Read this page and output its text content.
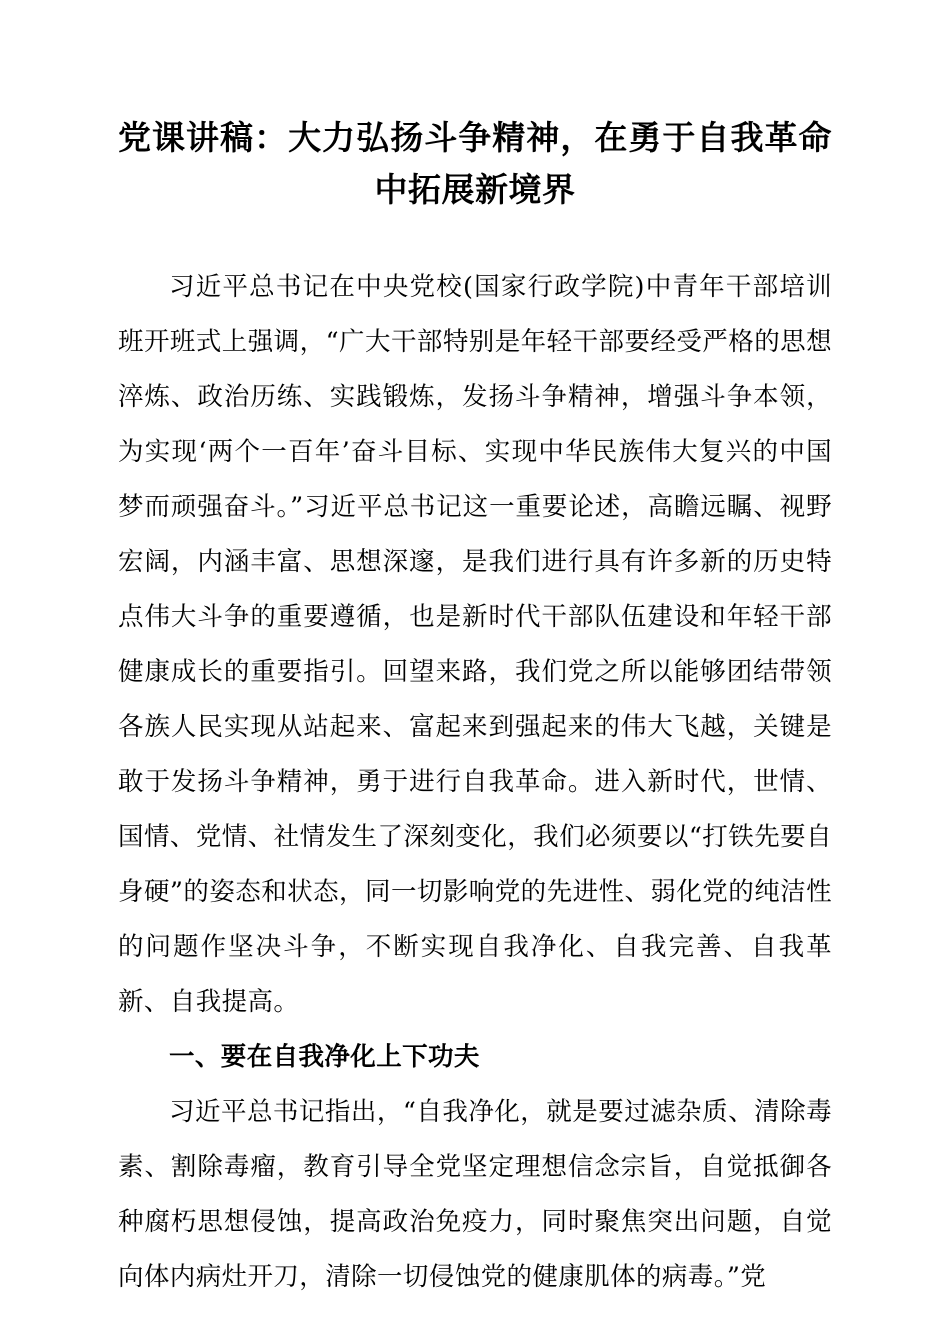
党课讲稿：大力弘扬斗争精神，在勇于自我革命中拓展新境界

习近平总书记在中央党校(国家行政学院)中青年干部培训班开班式上强调，“广大干部特别是年轻干部要经受严格的思想淬炼、政治历练、实践锻炼，发扬斗争精神，增强斗争本领，为实现‘两个一百年’奋斗目标、实现中华民族伟大复兴的中国梦而顽强奋斗。”习近平总书记这一重要论述，高瞻远瞩、视野宏阔，内涵丰富、思想深邃，是我们进行具有许多新的历史特点伟大斗争的重要遵循，也是新时代干部队伍建设和年轻干部健康成长的重要指引。回望来路，我们党之所以能够团结带领各族人民实现从站起来、富起来到强起来的伟大飞越，关键是敢于发扬斗争精神，勇于进行自我革命。进入新时代，世情、国情、党情、社情发生了深刻变化，我们必须要以“打铁先要自身硬”的姿态和状态，同一切影响党的先进性、弱化党的纯洁性的问题作坚决斗争，不断实现自我净化、自我完善、自我革新、自我提高。

一、要在自我净化上下功夫

习近平总书记指出，“自我净化，就是要过滤杂质、清除毒素、割除毒瘤，教育引导全党坚定理想信念宗旨，自觉抵御各种腐朽思想侵蚀，提高政治免疫力，同时聚焦突出问题，自觉向体内病灶开刀，清除一切侵蚀党的健康肌体的病毒。”党
